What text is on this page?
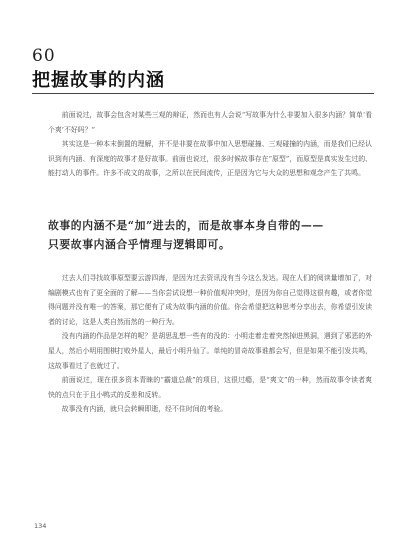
60
把握故事的内涵

前面说过，故事会包含对某些三观的辩证，然而也有人会说“写故事为什么非要加入很多内涵？简单‘看个爽’不好吗？”

其实这是一种本末倒置的理解，并不是非要在故事中加入思想碰撞、三观碰撞的内涵，而是我们已经认识到有内涵、有深度的故事才是好故事。前面也说过，很多时候故事存在“原型”，而原型是真实发生过的、能打动人的事件。许多不成文的故事，之所以在民间流传，正是因为它与大众的思想和观念产生了共鸣。

故事的内涵不是“加”进去的，而是故事本身自带的——
只要故事内涵合乎情理与逻辑即可。

过去人们寻找故事原型要云游四海，是因为过去资讯没有当今这么发达。现在人们的阅读量增加了，对编剧模式也有了更全面的了解——当你尝试设想一种价值观冲突时，是因为你自己觉得这很有趣，或者你觉得问题并没有唯一的答案，那它便有了成为故事内涵的价值。你会希望把这种思考分享出去，你希望引发读者的讨论，这是人类自然而然的一种行为。

没有内涵的作品是怎样的呢？是胡思乱想一些有的没的：小明走着走着突然掉进黑洞，遇到了邪恶的外星人，然后小明用围棋打败外星人，最后小明升仙了。单纯的冒奇故事谁都会写，但是如果不能引发共鸣，这故事看过了也就过了。

前面说过，现在很多资本青睐的“霸道总裁”的项目，这很过瘾，是“爽文”的一种，然而故事令读者爽快的点只在于且小鸭式的反差和反转。

故事没有内涵，就只会转瞬即逝，经不住时间的考验。

134
